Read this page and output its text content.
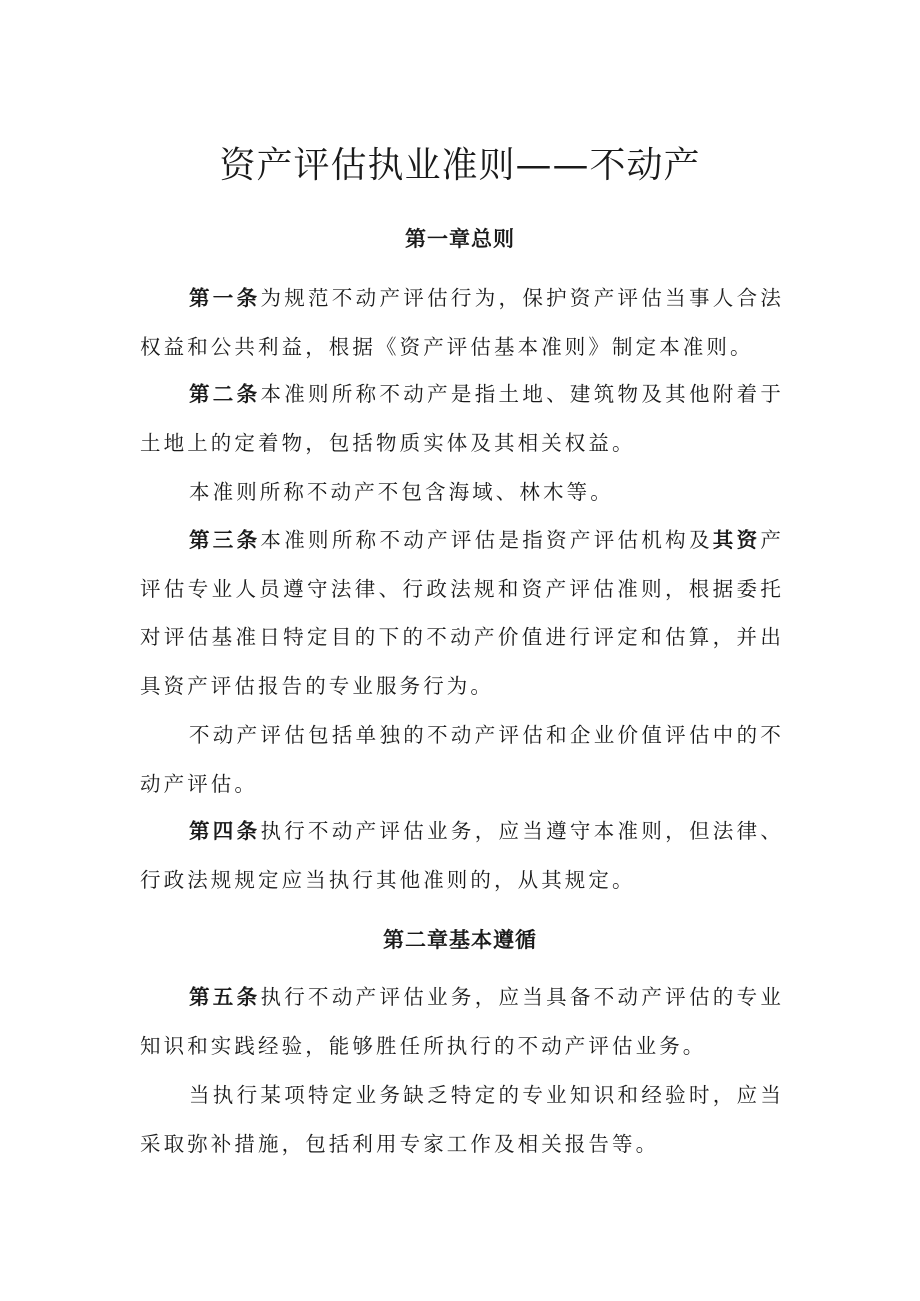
资产评估执业准则——不动产
第一章总则
第一条为规范不动产评估行为，保护资产评估当事人合法权益和公共利益，根据《资产评估基本准则》制定本准则。
第二条本准则所称不动产是指土地、建筑物及其他附着于土地上的定着物，包括物质实体及其相关权益。
本准则所称不动产不包含海域、林木等。
第三条本准则所称不动产评估是指资产评估机构及其资产评估专业人员遵守法律、行政法规和资产评估准则，根据委托对评估基准日特定目的下的不动产价值进行评定和估算，并出具资产评估报告的专业服务行为。
不动产评估包括单独的不动产评估和企业价值评估中的不动产评估。
第四条执行不动产评估业务，应当遵守本准则，但法律、行政法规规定应当执行其他准则的，从其规定。
第二章基本遵循
第五条执行不动产评估业务，应当具备不动产评估的专业知识和实践经验，能够胜任所执行的不动产评估业务。
当执行某项特定业务缺乏特定的专业知识和经验时，应当采取弥补措施，包括利用专家工作及相关报告等。
